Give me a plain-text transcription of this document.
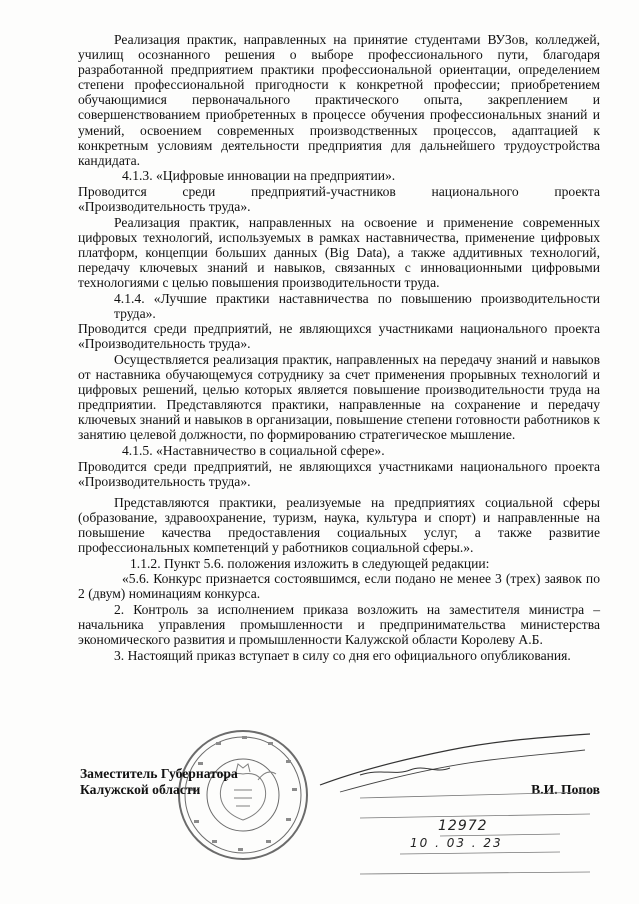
Реализация практик, направленных на принятие студентами ВУЗов, колледжей, училищ осознанного решения о выборе профессионального пути, благодаря разработанной предприятием практики профессиональной ориентации, определением степени профессиональной пригодности к конкретной профессии; приобретением обучающимися первоначального практического опыта, закреплением и совершенствованием приобретенных в процессе обучения профессиональных знаний и умений, освоением современных производственных процессов, адаптацией к конкретным условиям деятельности предприятия для дальнейшего трудоустройства кандидата.

4.1.3. «Цифровые инновации на предприятии».

Проводится среди предприятий-участников национального проекта «Производительность труда».

Реализация практик, направленных на освоение и применение современных цифровых технологий, используемых в рамках наставничества, применение цифровых платформ, концепции больших данных (Big Data), а также аддитивных технологий, передачу ключевых знаний и навыков, связанных с инновационными цифровыми технологиями с целью повышения производительности труда.

4.1.4. «Лучшие практики наставничества по повышению производительности труда».

Проводится среди предприятий, не являющихся участниками национального проекта «Производительность труда».

Осуществляется реализация практик, направленных на передачу знаний и навыков от наставника обучающемуся сотруднику за счет применения прорывных технологий и цифровых решений, целью которых является повышение производительности труда на предприятии. Представляются практики, направленные на сохранение и передачу ключевых знаний и навыков в организации, повышение степени готовности работников к занятию целевой должности, по формированию стратегическое мышление.

4.1.5. «Наставничество в социальной сфере».

Проводится среди предприятий, не являющихся участниками национального проекта «Производительность труда».

Представляются практики, реализуемые на предприятиях социальной сферы (образование, здравоохранение, туризм, наука, культура и спорт) и направленные на повышение качества предоставления социальных услуг, а также развитие профессиональных компетенций у работников социальной сферы.».

1.1.2. Пункт 5.6. положения изложить в следующей редакции:

«5.6. Конкурс признается состоявшимся, если подано не менее 3 (трех) заявок по 2 (двум) номинациям конкурса.

2. Контроль за исполнением приказа возложить на заместителя министра – начальника управления промышленности и предпринимательства министерства экономического развития и промышленности Калужской области Королеву А.Б.

3. Настоящий приказ вступает в силу со дня его официального опубликования.

Заместитель Губернатора
Калужской области	В.И. Попов
12972
10 . 03 . 23
